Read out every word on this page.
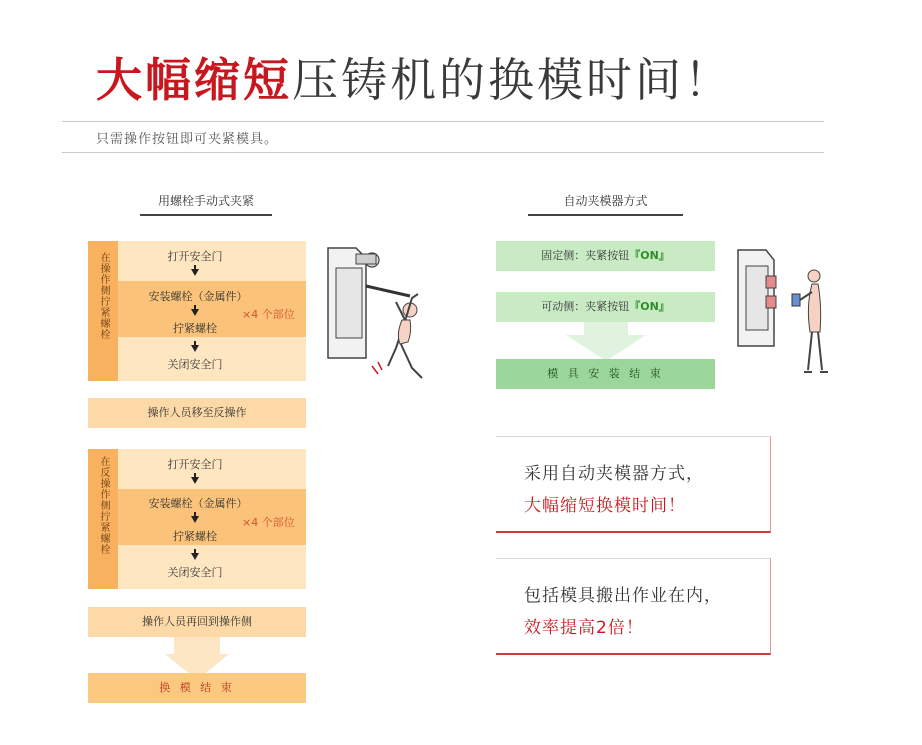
大幅缩短压铸机的换模时间！
只需操作按钮即可夹紧模具。
用螺栓手动式夹紧	自动夹模器方式
在操作侧拧紧螺栓	打开安全门
安装螺栓（金属件）
×4 个部位
拧紧螺栓
关闭安全门
操作人员移至反操作
在反操作侧拧紧螺栓	打开安全门
安装螺栓（金属件）
×4 个部位
拧紧螺栓
关闭安全门
操作人员再回到操作侧
换 模 结 束
固定侧：夹紧按钮『ON』
可动侧：夹紧按钮『ON』
模 具 安 装 结 束
采用自动夹模器方式，
大幅缩短换模时间！
包括模具搬出作业在内，
效率提高2倍！
